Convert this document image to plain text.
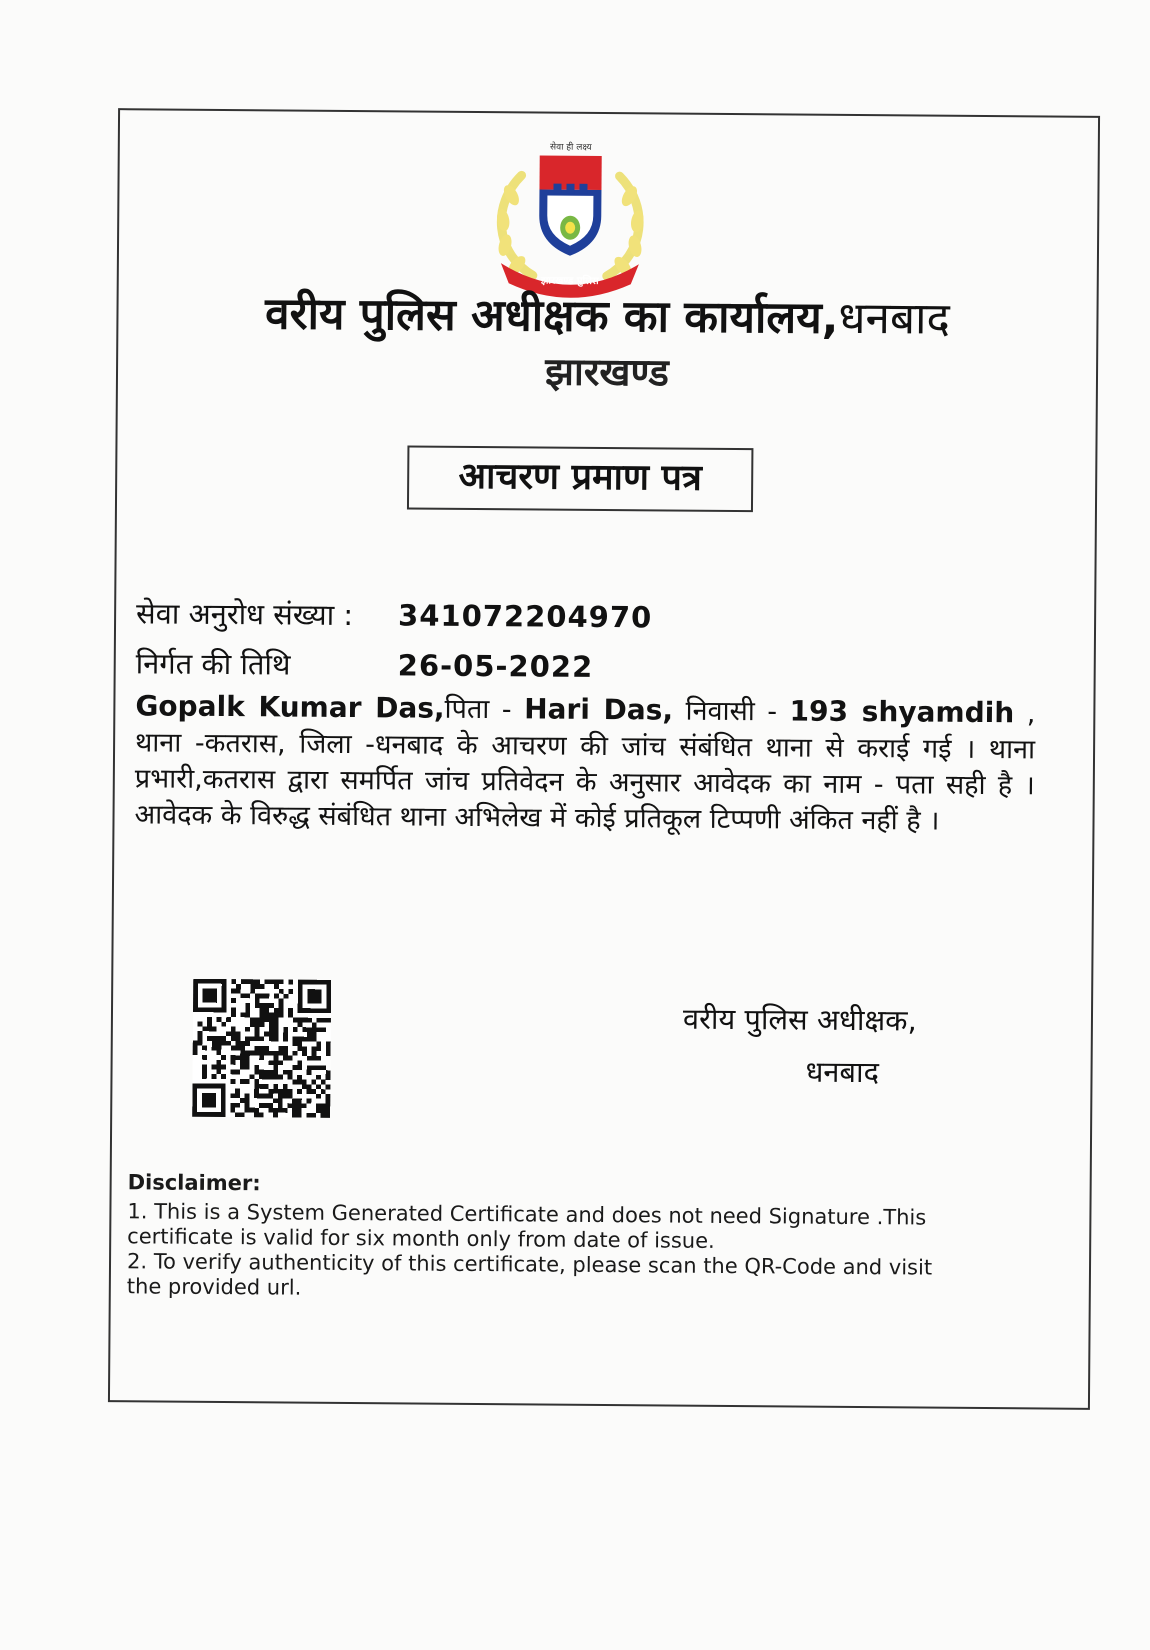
सेवा ही लक्ष्य
झारखण्ड पुलिस
वरीय पुलिस अधीक्षक का कार्यालय,धनबाद
झारखण्ड
आचरण प्रमाण पत्र
सेवा अनुरोध संख्या :	341072204970
निर्गत की तिथि	26-05-2022
Gopalk Kumar Das,पिता - Hari Das, निवासी - 193 shyamdih , थाना -कतरास, जिला -धनबाद के आचरण की जांच संबंधित थाना से कराई गई । थाना प्रभारी,कतरास द्वारा समर्पित जांच प्रतिवेदन के अनुसार आवेदक का नाम - पता सही है । आवेदक के विरुद्ध संबंधित थाना अभिलेख में कोई प्रतिकूल टिप्पणी अंकित नहीं है ।
वरीय पुलिस अधीक्षक,
धनबाद
Disclaimer:
1. This is a System Generated Certificate and does not need Signature .This certificate is valid for six month only from date of issue.
2. To verify authenticity of this certificate, please scan the QR-Code and visit the provided url.
